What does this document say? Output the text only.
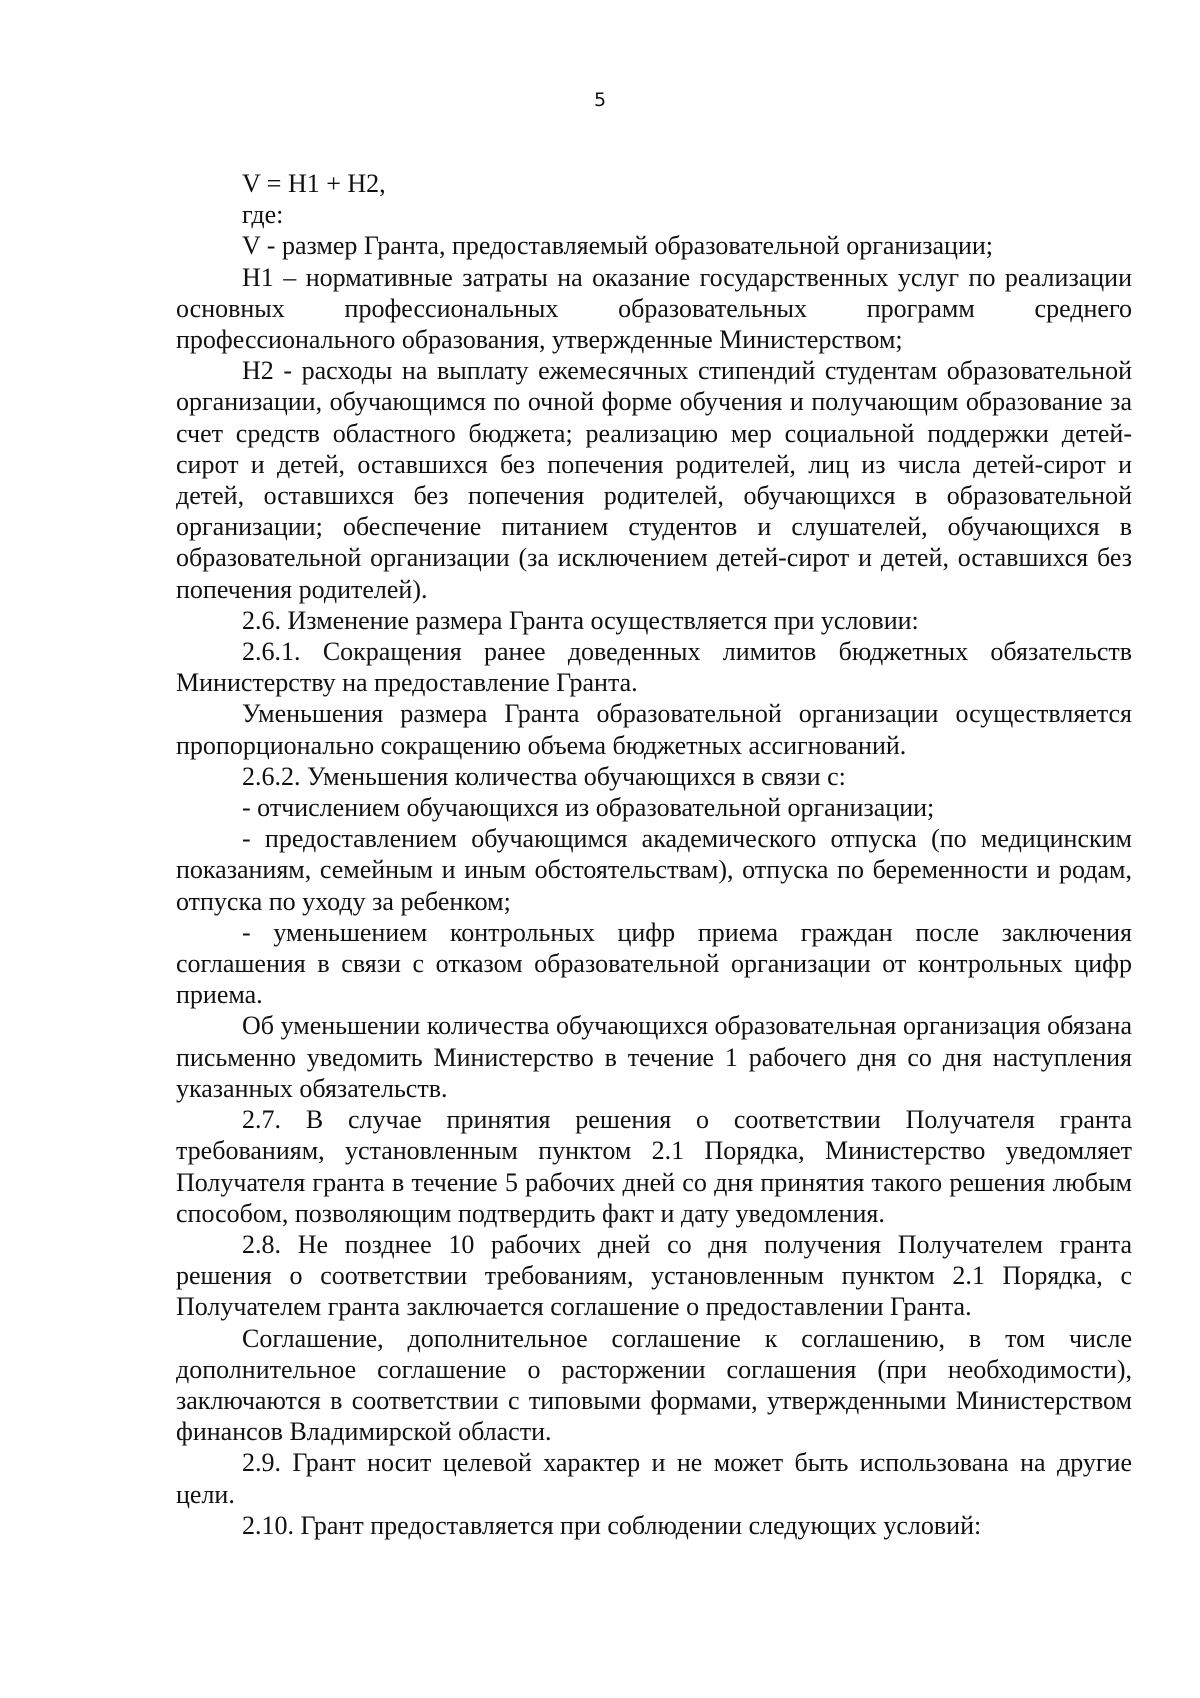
5

V = H1 + H2,

где:

V - размер Гранта, предоставляемый образовательной организации;

Н1 – нормативные затраты на оказание государственных услуг по реализации основных профессиональных образовательных программ среднего профессионального образования, утвержденные Министерством;

Н2 - расходы на выплату ежемесячных стипендий студентам образовательной организации, обучающимся по очной форме обучения и получающим образование за счет средств областного бюджета; реализацию мер социальной поддержки детей-сирот и детей, оставшихся без попечения родителей, лиц из числа детей-сирот и детей, оставшихся без попечения родителей, обучающихся в образовательной организации; обеспечение питанием студентов и слушателей, обучающихся в образовательной организации (за исключением детей-сирот и детей, оставшихся без попечения родителей).

2.6. Изменение размера Гранта осуществляется при условии:

2.6.1. Сокращения ранее доведенных лимитов бюджетных обязательств Министерству на предоставление Гранта.

Уменьшения размера Гранта образовательной организации осуществляется пропорционально сокращению объема бюджетных ассигнований.

2.6.2. Уменьшения количества обучающихся в связи с:

- отчислением обучающихся из образовательной организации;

- предоставлением обучающимся академического отпуска (по медицинским показаниям, семейным и иным обстоятельствам), отпуска по беременности и родам, отпуска по уходу за ребенком;

- уменьшением контрольных цифр приема граждан после заключения соглашения в связи с отказом образовательной организации от контрольных цифр приема.

Об уменьшении количества обучающихся образовательная организация обязана письменно уведомить Министерство в течение 1 рабочего дня со дня наступления указанных обязательств.

2.7. В случае принятия решения о соответствии Получателя гранта требованиям, установленным пунктом 2.1 Порядка, Министерство уведомляет Получателя гранта в течение 5 рабочих дней со дня принятия такого решения любым способом, позволяющим подтвердить факт и дату уведомления.

2.8. Не позднее 10 рабочих дней со дня получения Получателем гранта решения о соответствии требованиям, установленным пунктом 2.1 Порядка, с Получателем гранта заключается соглашение о предоставлении Гранта.

Соглашение, дополнительное соглашение к соглашению, в том числе дополнительное соглашение о расторжении соглашения (при необходимости), заключаются в соответствии с типовыми формами, утвержденными Министерством финансов Владимирской области.

2.9. Грант носит целевой характер и не может быть использована на другие цели.

2.10. Грант предоставляется при соблюдении следующих условий:
